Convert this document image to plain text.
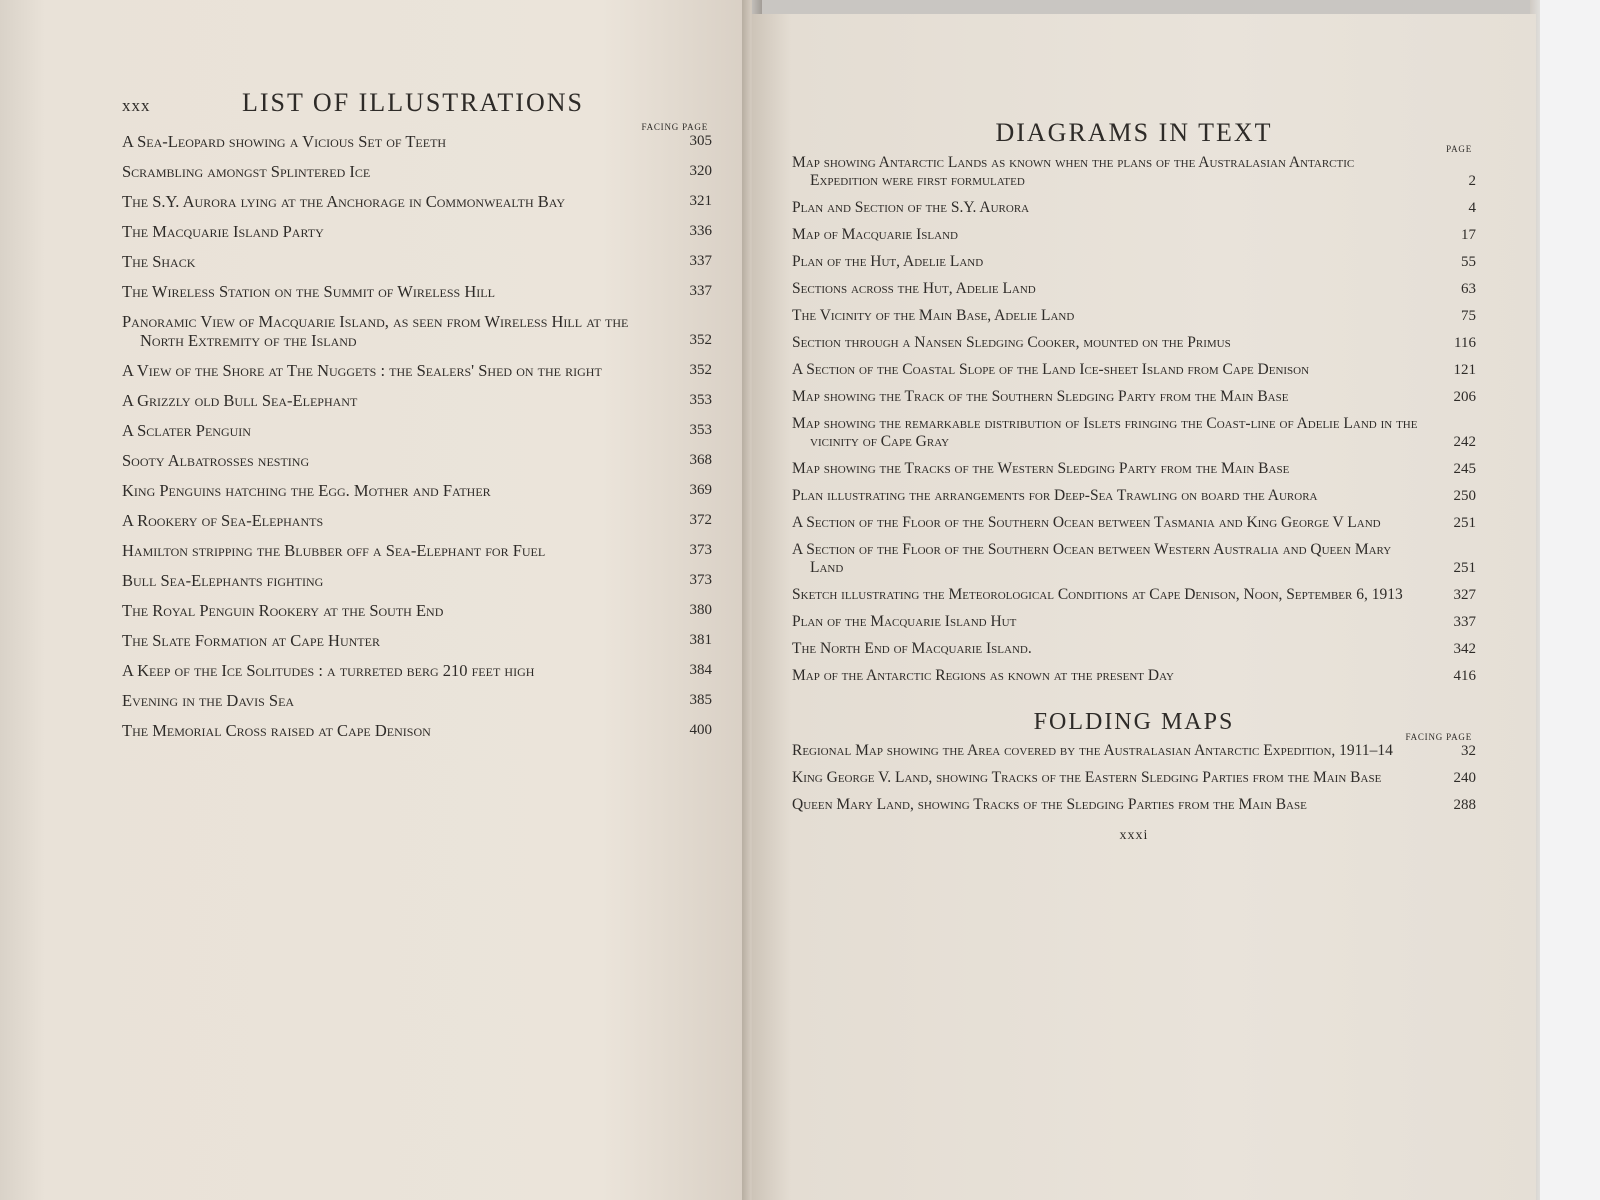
xxx	LIST OF ILLUSTRATIONS
FACING PAGE
A Sea-Leopard showing a Vicious Set of Teeth	305
Scrambling amongst Splintered Ice	320
The S.Y. Aurora lying at the Anchorage in Commonwealth Bay	321
The Macquarie Island Party	336
The Shack	337
The Wireless Station on the Summit of Wireless Hill	337
Panoramic View of Macquarie Island, as seen from Wireless Hill at the North Extremity of the Island	352
A View of the Shore at The Nuggets : the Sealers' Shed on the right	352
A Grizzly old Bull Sea-Elephant	353
A Sclater Penguin	353
Sooty Albatrosses nesting	368
King Penguins hatching the Egg. Mother and Father	369
A Rookery of Sea-Elephants	372
Hamilton stripping the Blubber off a Sea-Elephant for Fuel	373
Bull Sea-Elephants fighting	373
The Royal Penguin Rookery at the South End	380
The Slate Formation at Cape Hunter	381
A Keep of the Ice Solitudes : a turreted berg 210 feet high	384
Evening in the Davis Sea	385
The Memorial Cross raised at Cape Denison	400
DIAGRAMS IN TEXT
PAGE
Map showing Antarctic Lands as known when the plans of the Australasian Antarctic Expedition were first formulated	2
Plan and Section of the S.Y. Aurora	4
Map of Macquarie Island	17
Plan of the Hut, Adelie Land	55
Sections across the Hut, Adelie Land	63
The Vicinity of the Main Base, Adelie Land	75
Section through a Nansen Sledging Cooker, mounted on the Primus	116
A Section of the Coastal Slope of the Land Ice-sheet Island from Cape Denison	121
Map showing the Track of the Southern Sledging Party from the Main Base	206
Map showing the remarkable distribution of Islets fringing the Coast-line of Adelie Land in the vicinity of Cape Gray	242
Map showing the Tracks of the Western Sledging Party from the Main Base	245
Plan illustrating the arrangements for Deep-Sea Trawling on board the Aurora	250
A Section of the Floor of the Southern Ocean between Tasmania and King George V Land	251
A Section of the Floor of the Southern Ocean between Western Australia and Queen Mary Land	251
Sketch illustrating the Meteorological Conditions at Cape Denison, Noon, September 6, 1913	327
Plan of the Macquarie Island Hut	337
The North End of Macquarie Island.	342
Map of the Antarctic Regions as known at the present Day	416
FOLDING MAPS
FACING PAGE
Regional Map showing the Area covered by the Australasian Antarctic Expedition, 1911–14	32
King George V. Land, showing Tracks of the Eastern Sledging Parties from the Main Base	240
Queen Mary Land, showing Tracks of the Sledging Parties from the Main Base	288
xxxi
